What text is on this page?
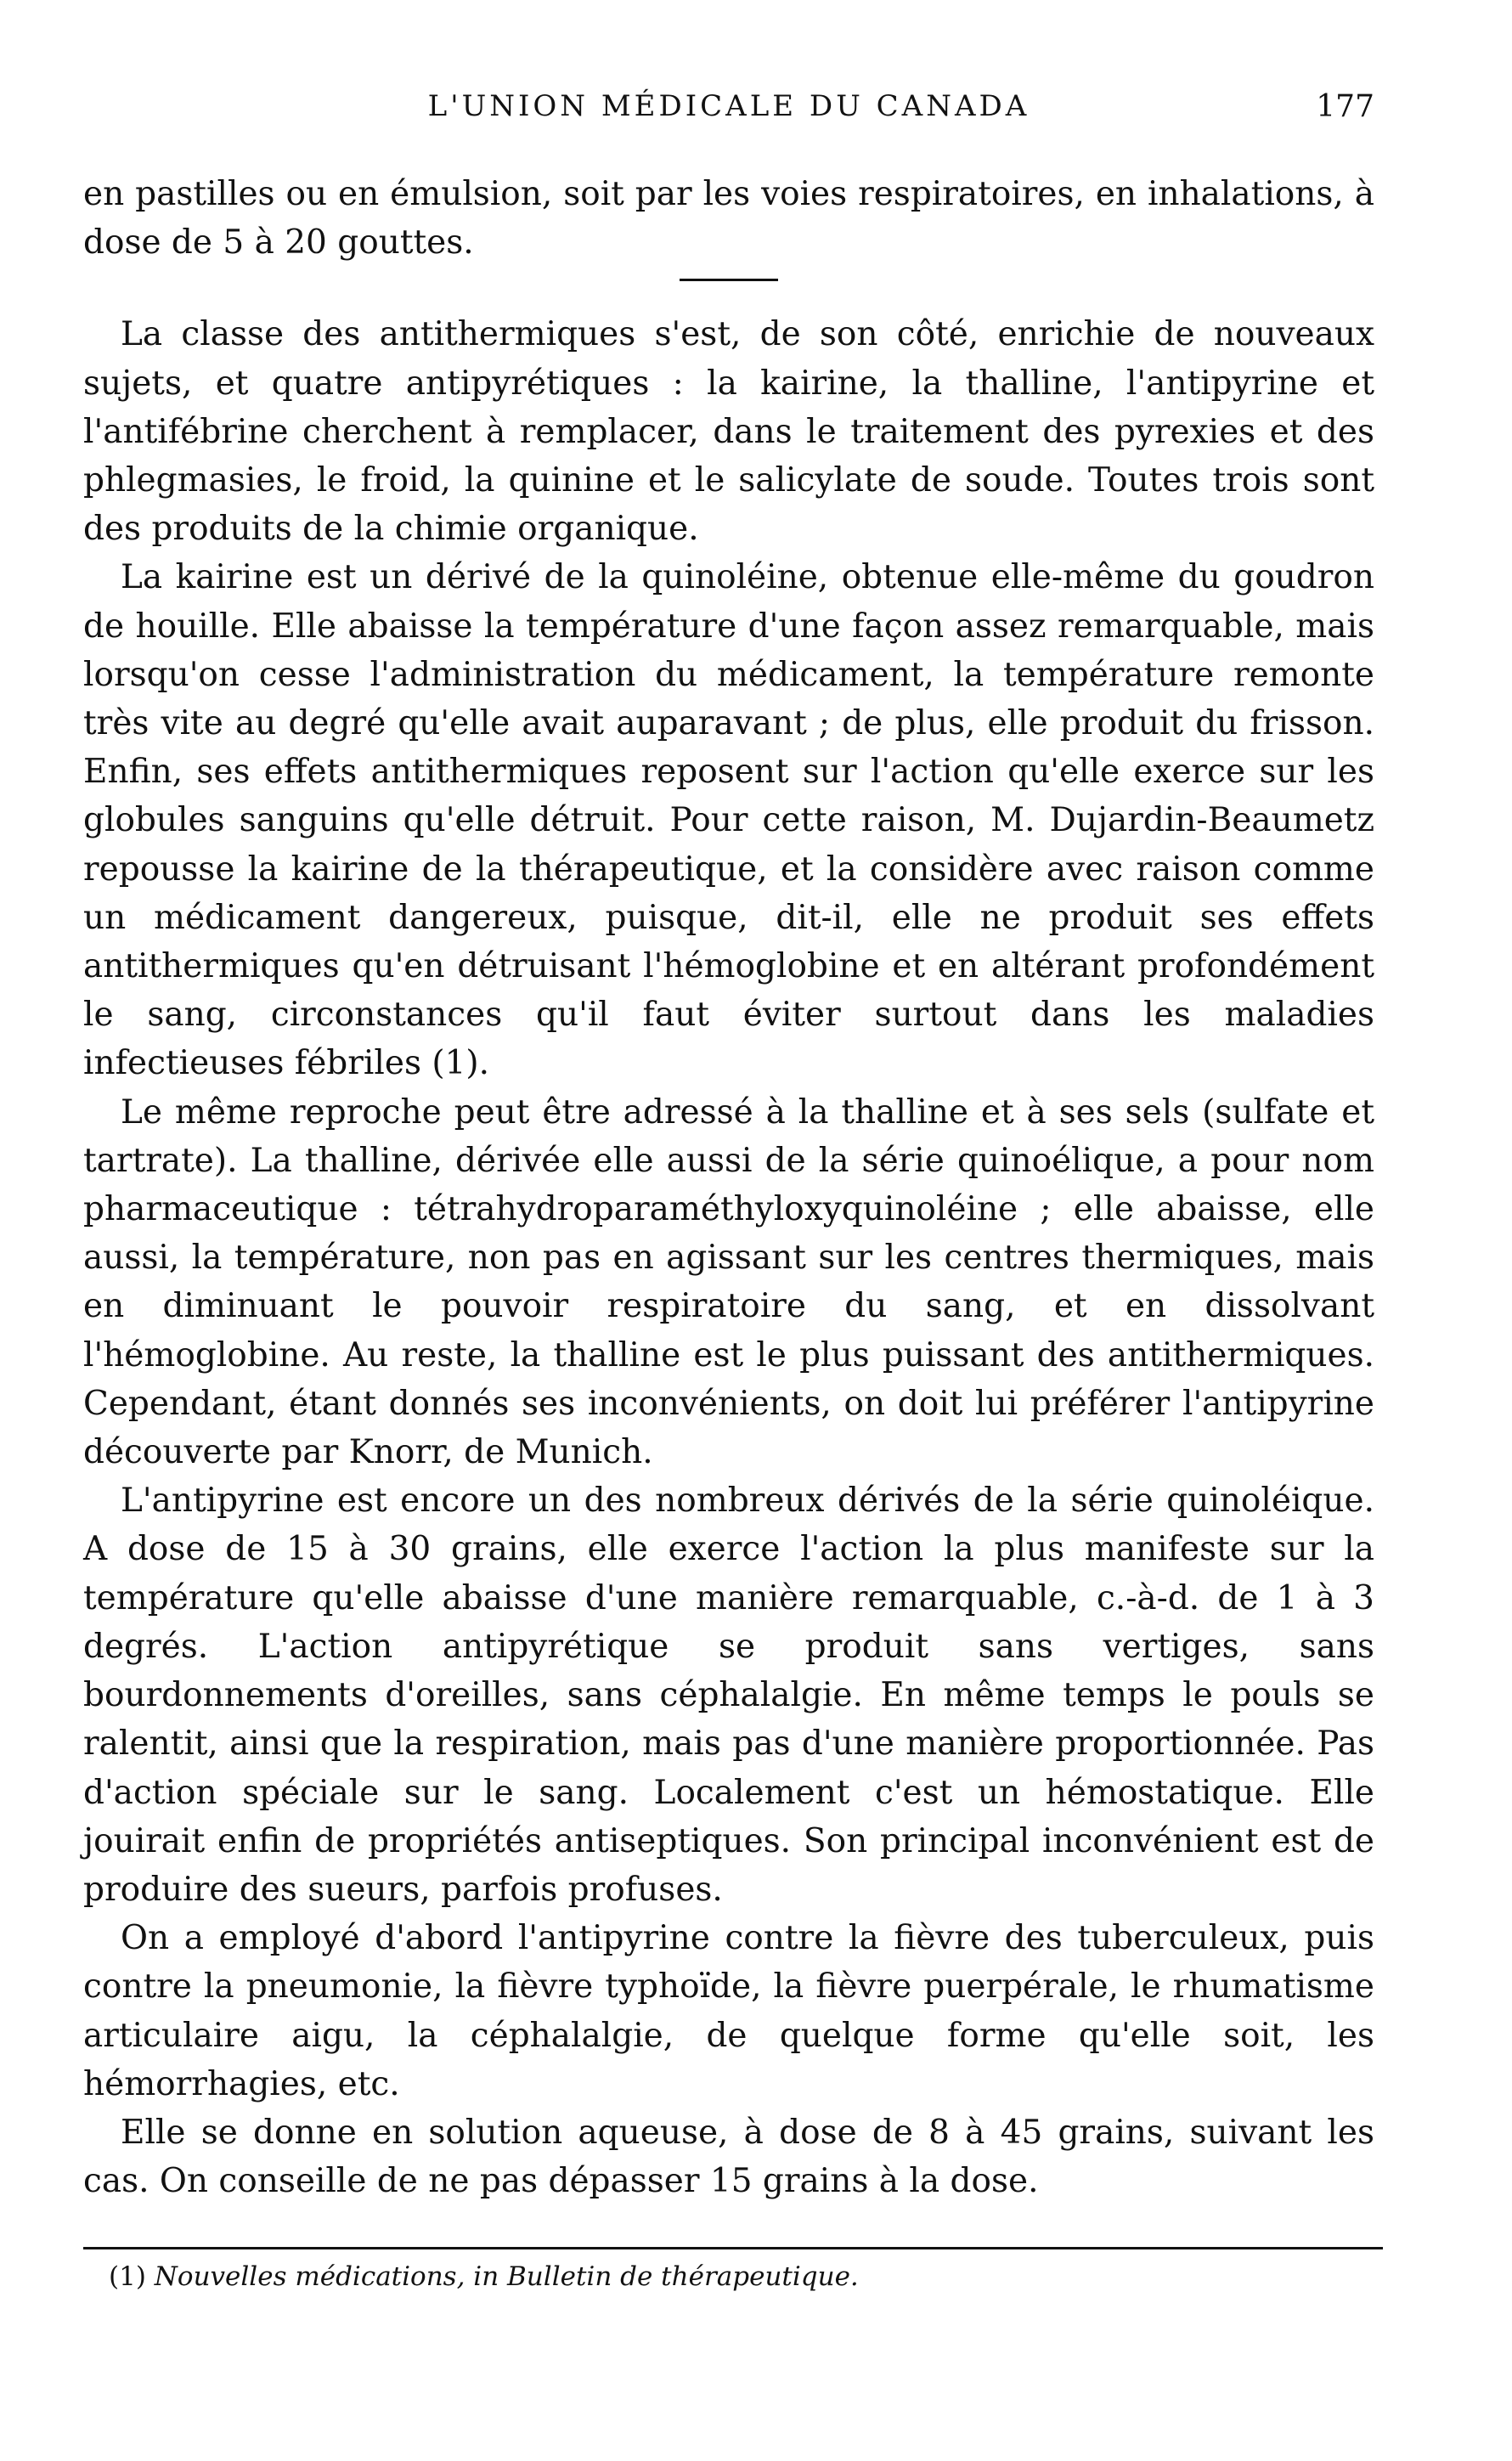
L'UNION MÉDICALE DU CANADA	177

en pastilles ou en émulsion, soit par les voies respiratoires, en inhalations, à dose de 5 à 20 gouttes.

La classe des antithermiques s'est, de son côté, enrichie de nouveaux sujets, et quatre antipyrétiques : la kairine, la thalline, l'antipyrine et l'antifébrine cherchent à remplacer, dans le traitement des pyrexies et des phlegmasies, le froid, la quinine et le salicylate de soude. Toutes trois sont des produits de la chimie organique.

La kairine est un dérivé de la quinoléine, obtenue elle-même du goudron de houille. Elle abaisse la température d'une façon assez remarquable, mais lorsqu'on cesse l'administration du médicament, la température remonte très vite au degré qu'elle avait auparavant ; de plus, elle produit du frisson. Enfin, ses effets antithermiques reposent sur l'action qu'elle exerce sur les globules sanguins qu'elle détruit. Pour cette raison, M. Dujardin-Beaumetz repousse la kairine de la thérapeutique, et la considère avec raison comme un médicament dangereux, puisque, dit-il, elle ne produit ses effets antithermiques qu'en détruisant l'hémoglobine et en altérant profondément le sang, circonstances qu'il faut éviter surtout dans les maladies infectieuses fébriles (1).

Le même reproche peut être adressé à la thalline et à ses sels (sulfate et tartrate). La thalline, dérivée elle aussi de la série quinoélique, a pour nom pharmaceutique : tétrahydroparaméthyloxyquinoléine ; elle abaisse, elle aussi, la température, non pas en agissant sur les centres thermiques, mais en diminuant le pouvoir respiratoire du sang, et en dissolvant l'hémoglobine. Au reste, la thalline est le plus puissant des antithermiques. Cependant, étant donnés ses inconvénients, on doit lui préférer l'antipyrine découverte par Knorr, de Munich.

L'antipyrine est encore un des nombreux dérivés de la série quinoléique. A dose de 15 à 30 grains, elle exerce l'action la plus manifeste sur la température qu'elle abaisse d'une manière remarquable, c.-à-d. de 1 à 3 degrés. L'action antipyrétique se produit sans vertiges, sans bourdonnements d'oreilles, sans céphalalgie. En même temps le pouls se ralentit, ainsi que la respiration, mais pas d'une manière proportionnée. Pas d'action spéciale sur le sang. Localement c'est un hémostatique. Elle jouirait enfin de propriétés antiseptiques. Son principal inconvénient est de produire des sueurs, parfois profuses.

On a employé d'abord l'antipyrine contre la fièvre des tuberculeux, puis contre la pneumonie, la fièvre typhoïde, la fièvre puerpérale, le rhumatisme articulaire aigu, la céphalalgie, de quelque forme qu'elle soit, les hémorrhagies, etc.

Elle se donne en solution aqueuse, à dose de 8 à 45 grains, suivant les cas. On conseille de ne pas dépasser 15 grains à la dose.

(1) Nouvelles médications, in Bulletin de thérapeutique.
